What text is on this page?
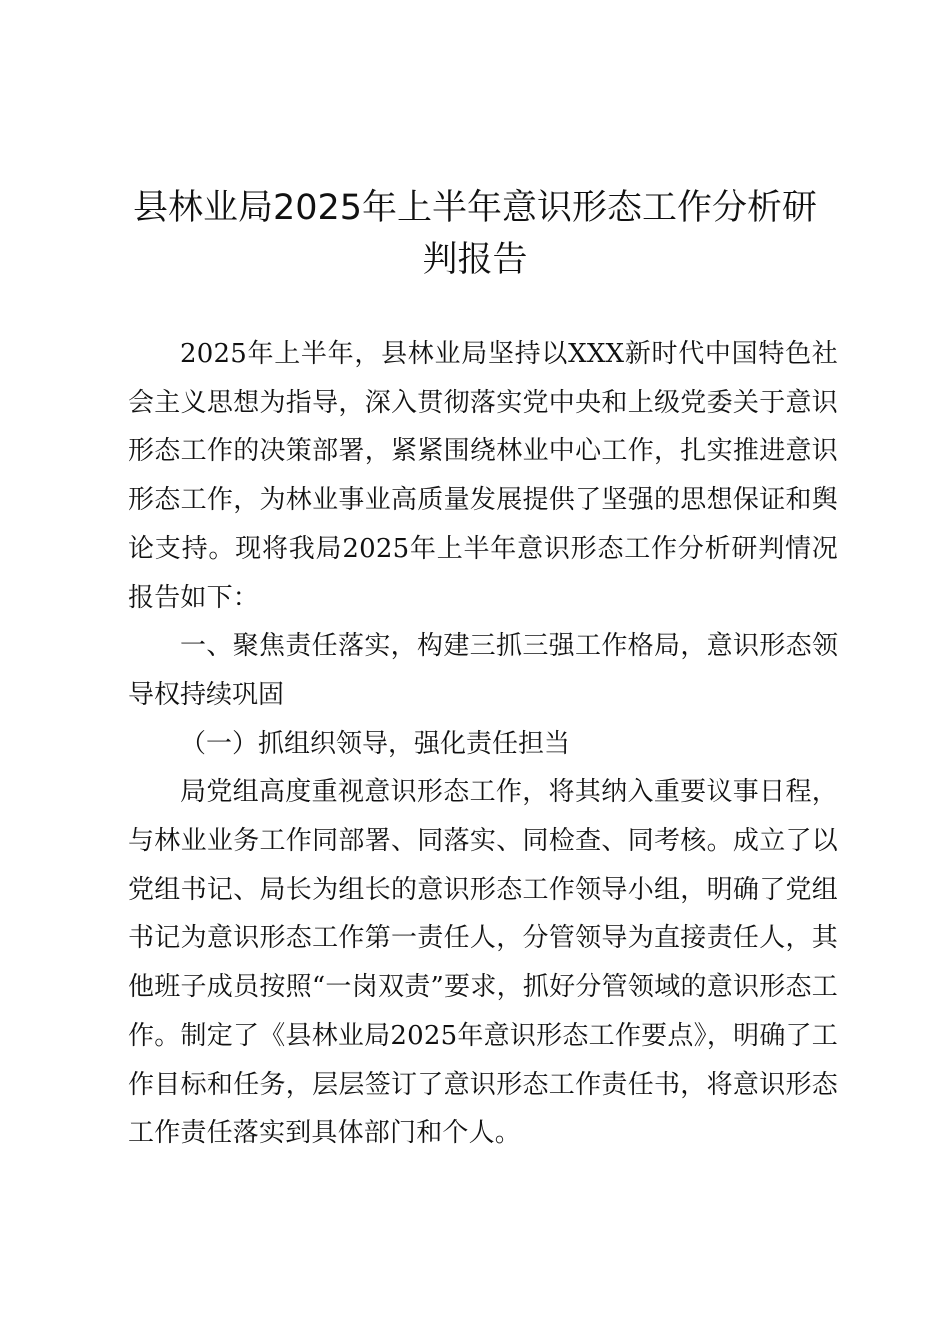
县林业局2025年上半年意识形态工作分析研判报告

2025年上半年，县林业局坚持以XXX新时代中国特色社会主义思想为指导，深入贯彻落实党中央和上级党委关于意识形态工作的决策部署，紧紧围绕林业中心工作，扎实推进意识形态工作，为林业事业高质量发展提供了坚强的思想保证和舆论支持。现将我局2025年上半年意识形态工作分析研判情况报告如下：

一、聚焦责任落实，构建三抓三强工作格局，意识形态领导权持续巩固

（一）抓组织领导，强化责任担当

局党组高度重视意识形态工作，将其纳入重要议事日程，与林业业务工作同部署、同落实、同检查、同考核。成立了以党组书记、局长为组长的意识形态工作领导小组，明确了党组书记为意识形态工作第一责任人，分管领导为直接责任人，其他班子成员按照“一岗双责”要求，抓好分管领域的意识形态工作。制定了《县林业局2025年意识形态工作要点》，明确了工作目标和任务，层层签订了意识形态工作责任书，将意识形态工作责任落实到具体部门和个人。
